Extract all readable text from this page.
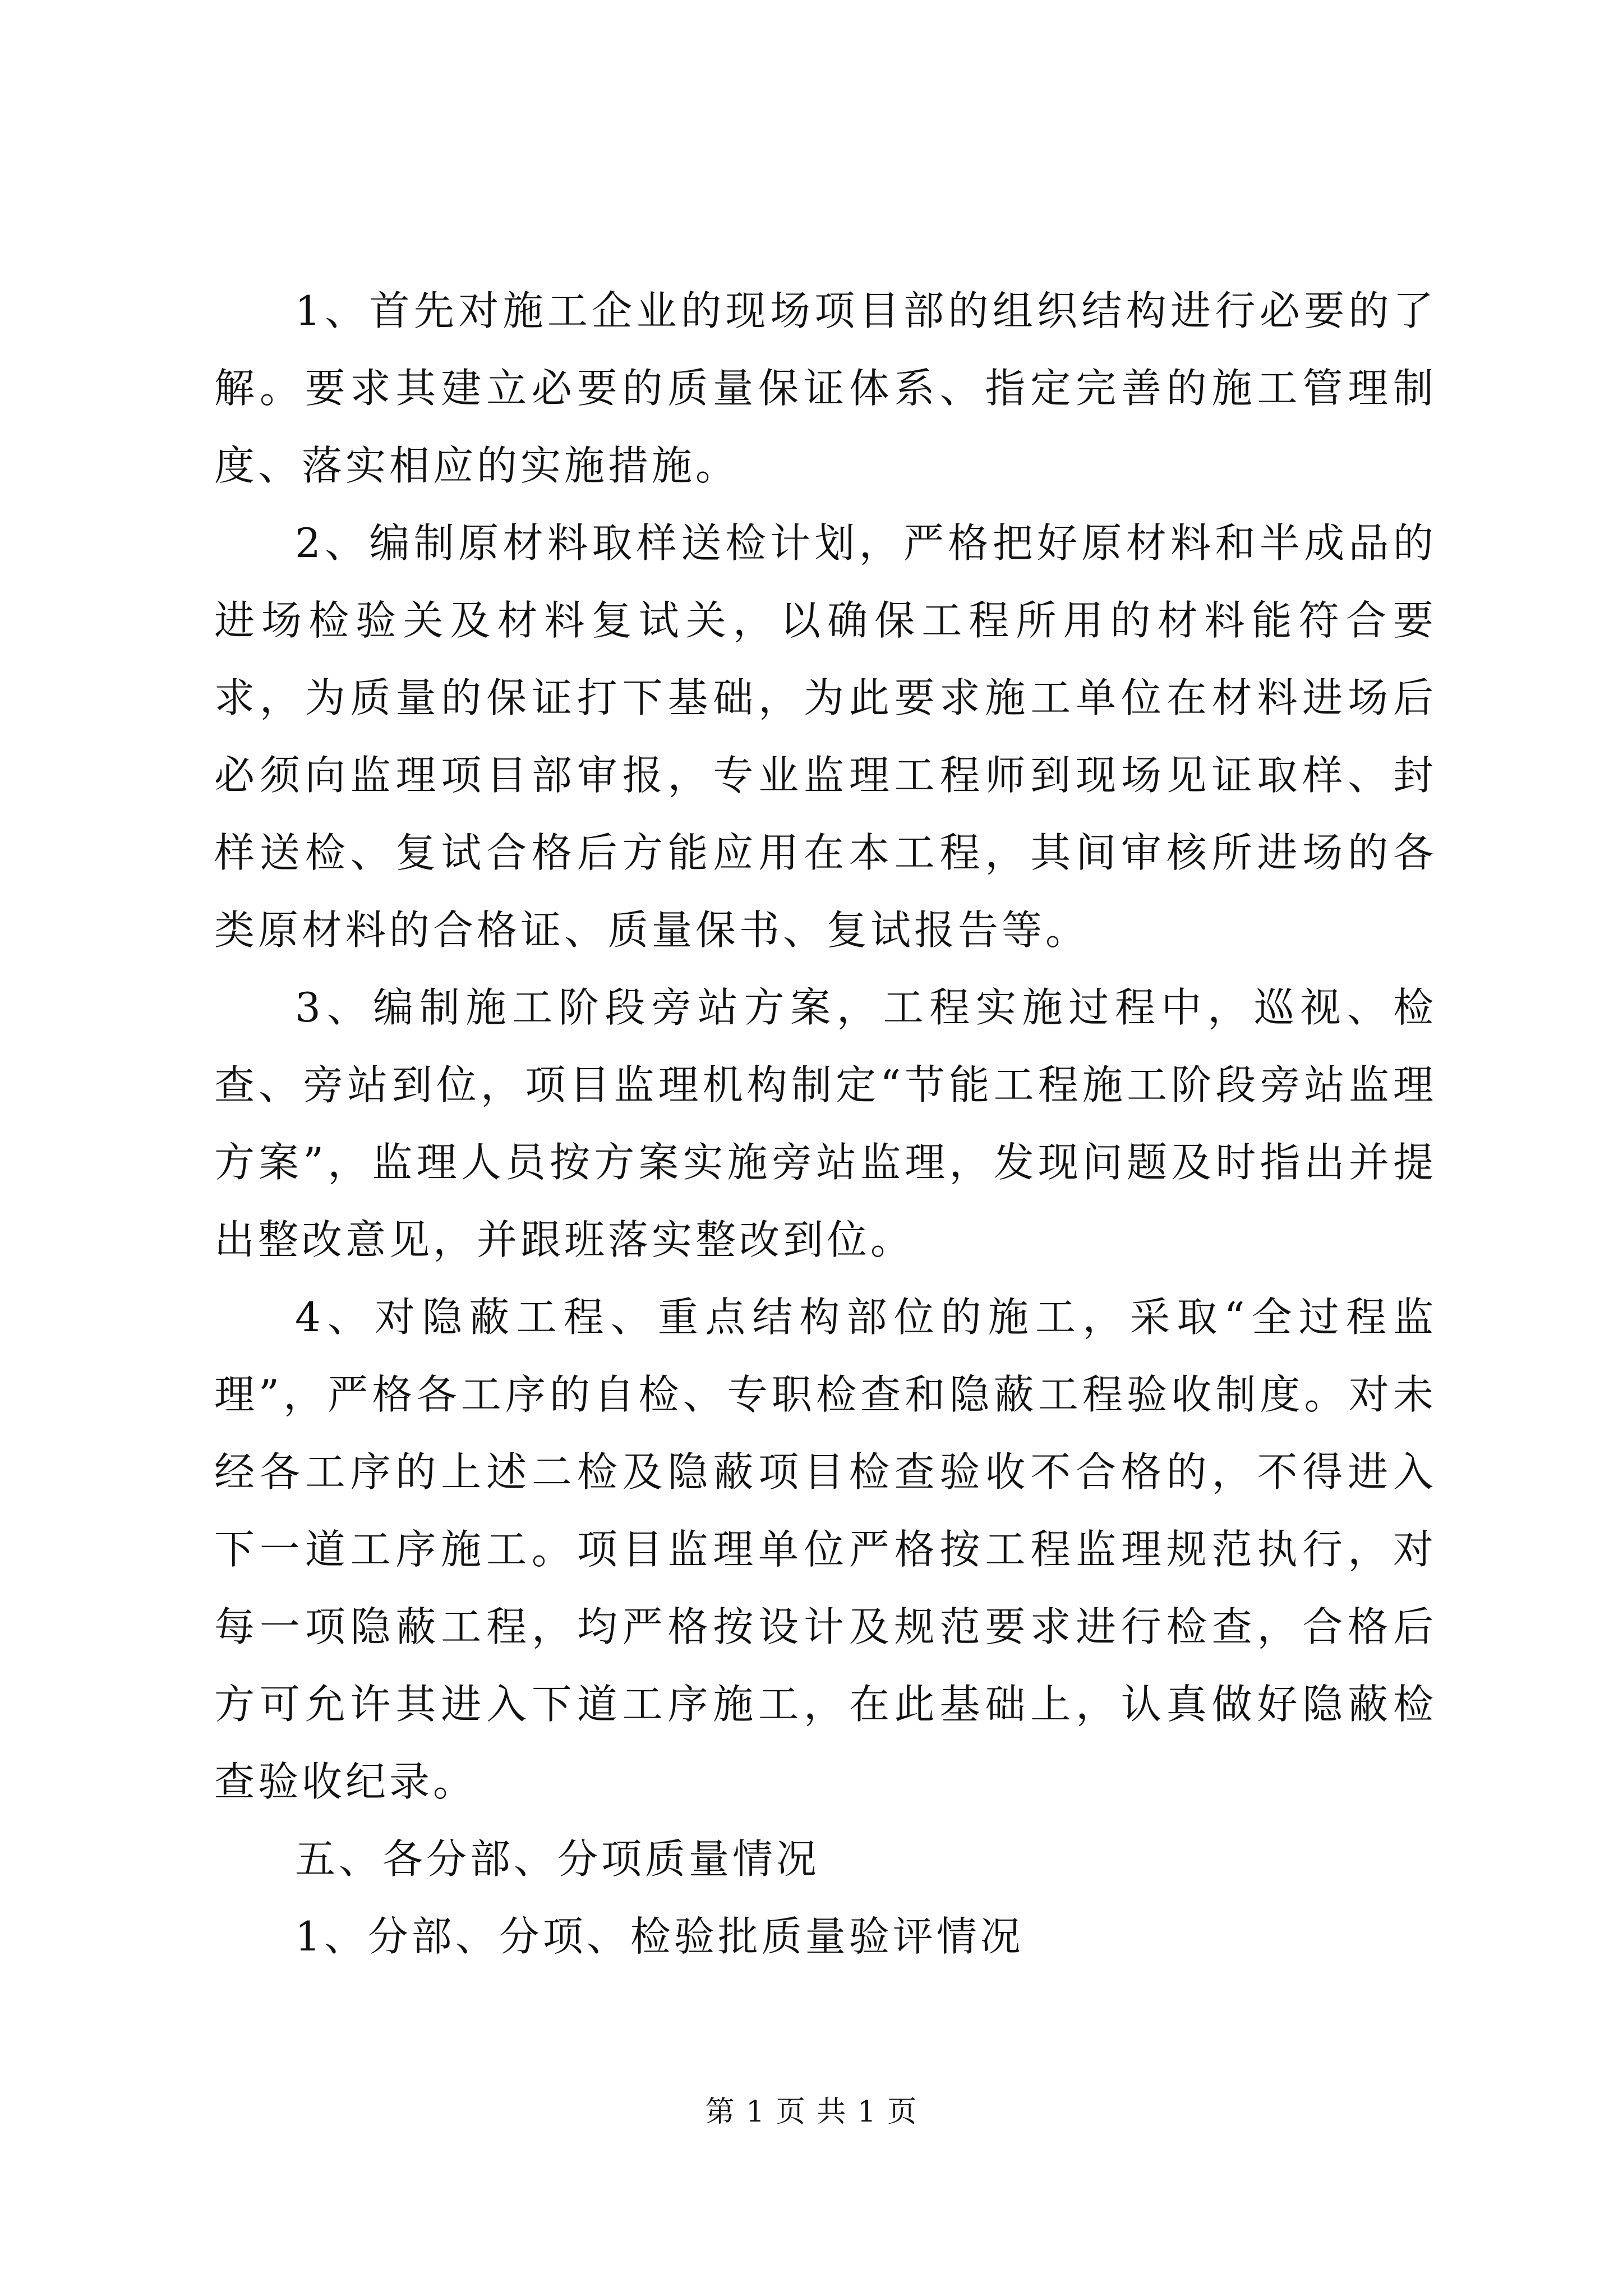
1、首先对施工企业的现场项目部的组织结构进行必要的了解。要求其建立必要的质量保证体系、指定完善的施工管理制度、落实相应的实施措施。

2、编制原材料取样送检计划，严格把好原材料和半成品的进场检验关及材料复试关，以确保工程所用的材料能符合要求，为质量的保证打下基础，为此要求施工单位在材料进场后必须向监理项目部审报，专业监理工程师到现场见证取样、封样送检、复试合格后方能应用在本工程，其间审核所进场的各类原材料的合格证、质量保书、复试报告等。

3、编制施工阶段旁站方案，工程实施过程中，巡视、检查、旁站到位，项目监理机构制定“节能工程施工阶段旁站监理方案”，监理人员按方案实施旁站监理，发现问题及时指出并提出整改意见，并跟班落实整改到位。

4、对隐蔽工程、重点结构部位的施工，采取“全过程监理”，严格各工序的自检、专职检查和隐蔽工程验收制度。对未经各工序的上述二检及隐蔽项目检查验收不合格的，不得进入下一道工序施工。项目监理单位严格按工程监理规范执行，对每一项隐蔽工程，均严格按设计及规范要求进行检查，合格后方可允许其进入下道工序施工，在此基础上，认真做好隐蔽检查验收纪录。

五、各分部、分项质量情况

1、分部、分项、检验批质量验评情况

第 1 页 共 1 页
